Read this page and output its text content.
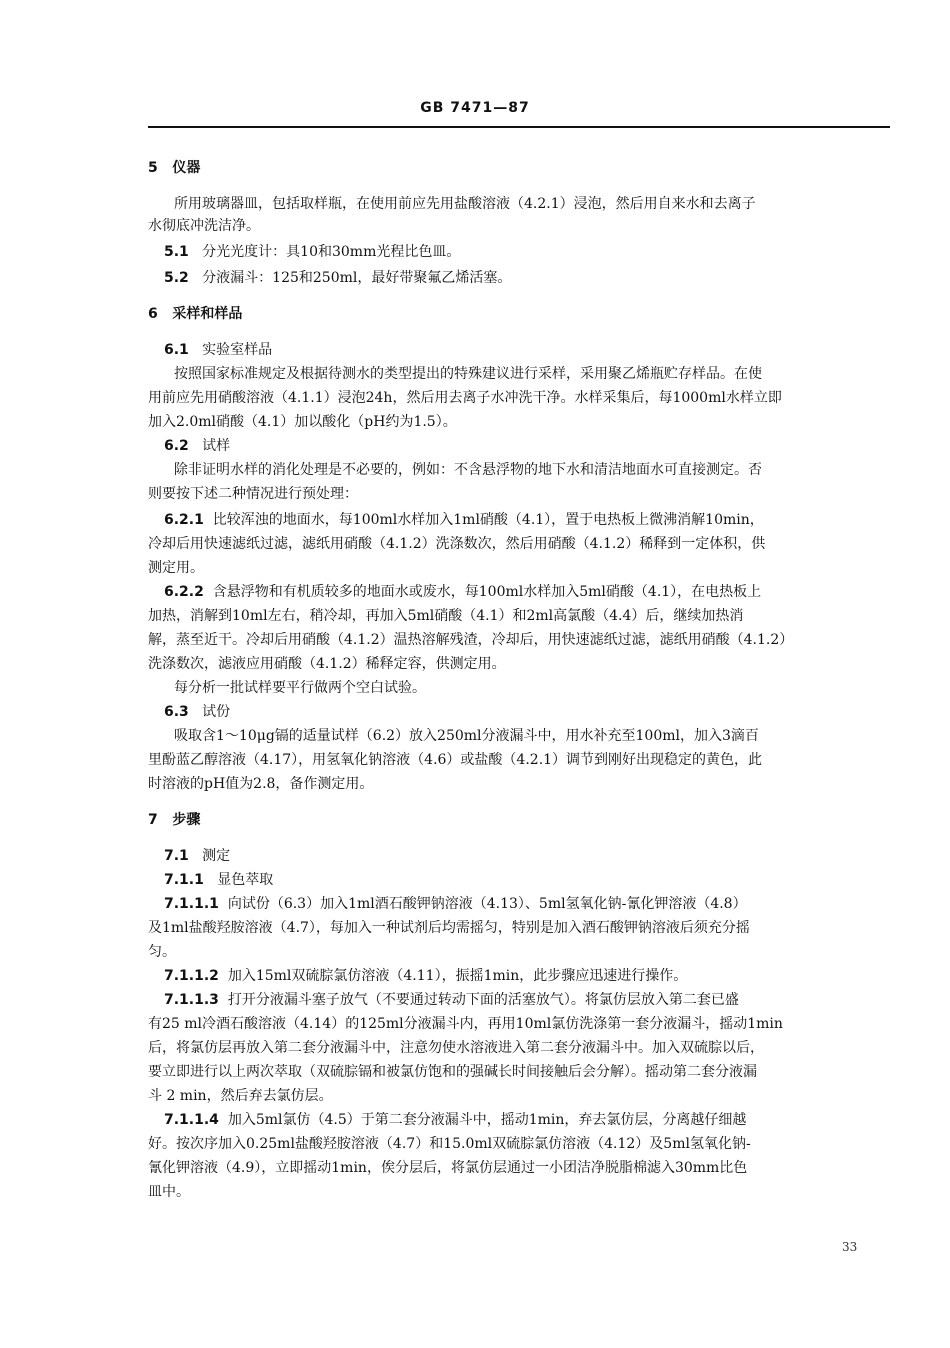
GB 7471—87
5 仪器
所用玻璃器皿，包括取样瓶，在使用前应先用盐酸溶液（4.2.1）浸泡，然后用自来水和去离子
水彻底冲洗洁净。
5.1 分光光度计：具10和30mm光程比色皿。
5.2 分液漏斗：125和250ml，最好带聚氟乙烯活塞。
6 采样和样品
6.1 实验室样品
按照国家标准规定及根据待测水的类型提出的特殊建议进行采样，采用聚乙烯瓶贮存样品。在使
用前应先用硝酸溶液（4.1.1）浸泡24h，然后用去离子水冲洗干净。水样采集后，每1000ml水样立即
加入2.0ml硝酸（4.1）加以酸化（pH约为1.5）。
6.2 试样
除非证明水样的消化处理是不必要的，例如：不含悬浮物的地下水和清洁地面水可直接测定。否
则要按下述二种情况进行预处理：
6.2.1 比较浑浊的地面水，每100ml水样加入1ml硝酸（4.1），置于电热板上微沸消解10min，
冷却后用快速滤纸过滤，滤纸用硝酸（4.1.2）洗涤数次，然后用硝酸（4.1.2）稀释到一定体积，供
测定用。
6.2.2 含悬浮物和有机质较多的地面水或废水，每100ml水样加入5ml硝酸（4.1），在电热板上
加热，消解到10ml左右，稍冷却，再加入5ml硝酸（4.1）和2ml高氯酸（4.4）后，继续加热消
解，蒸至近干。冷却后用硝酸（4.1.2）温热溶解残渣，冷却后，用快速滤纸过滤，滤纸用硝酸（4.1.2）
洗涤数次，滤液应用硝酸（4.1.2）稀释定容，供测定用。
每分析一批试样要平行做两个空白试验。
6.3 试份
吸取含1～10μg镉的适量试样（6.2）放入250ml分液漏斗中，用水补充至100ml，加入3滴百
里酚蓝乙醇溶液（4.17），用氢氧化钠溶液（4.6）或盐酸（4.2.1）调节到刚好出现稳定的黄色，此
时溶液的pH值为2.8，备作测定用。
7 步骤
7.1 测定
7.1.1 显色萃取
7.1.1.1 向试份（6.3）加入1ml酒石酸钾钠溶液（4.13）、5ml氢氧化钠-氰化钾溶液（4.8）
及1ml盐酸羟胺溶液（4.7），每加入一种试剂后均需摇匀，特别是加入酒石酸钾钠溶液后须充分摇
匀。
7.1.1.2 加入15ml双硫腙氯仿溶液（4.11），振摇1min，此步骤应迅速进行操作。
7.1.1.3 打开分液漏斗塞子放气（不要通过转动下面的活塞放气）。将氯仿层放入第二套已盛
有25 ml冷酒石酸溶液（4.14）的125ml分液漏斗内，再用10ml氯仿洗涤第一套分液漏斗，摇动1min
后，将氯仿层再放入第二套分液漏斗中，注意勿使水溶液进入第二套分液漏斗中。加入双硫腙以后，
要立即进行以上两次萃取（双硫腙镉和被氯仿饱和的强碱长时间接触后会分解）。摇动第二套分液漏
斗 2 min，然后弃去氯仿层。
7.1.1.4 加入5ml氯仿（4.5）于第二套分液漏斗中，摇动1min，弃去氯仿层，分离越仔细越
好。按次序加入0.25ml盐酸羟胺溶液（4.7）和15.0ml双硫腙氯仿溶液（4.12）及5ml氢氧化钠-
氰化钾溶液（4.9），立即摇动1min，俟分层后，将氯仿层通过一小团洁净脱脂棉滤入30mm比色
皿中。
33
